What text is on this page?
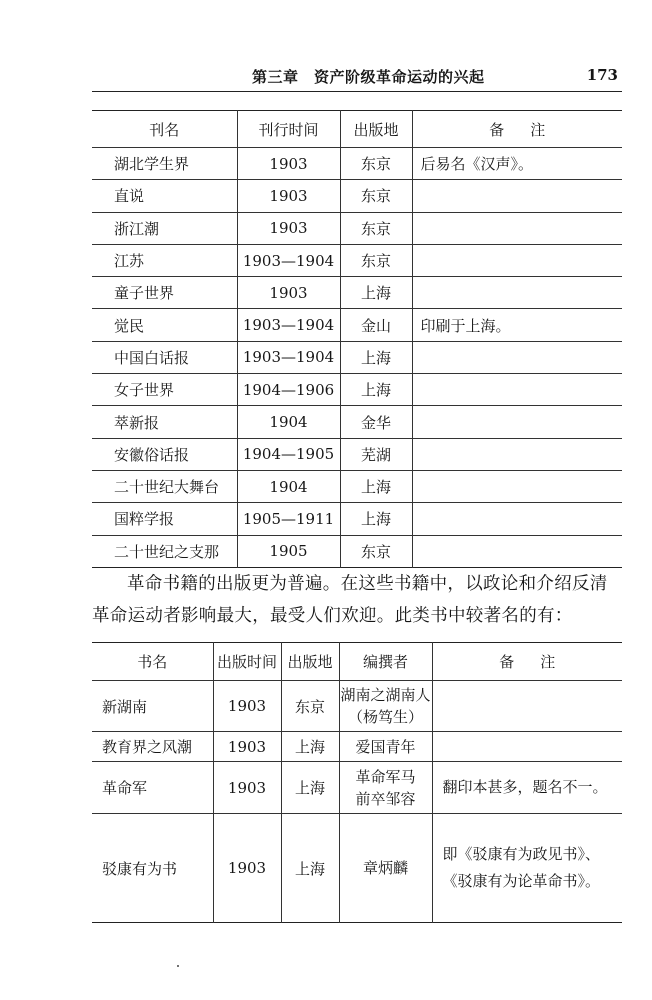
第三章　资产阶级革命运动的兴起	173
刊名	刊行时间	出版地	备注
湖北学生界	1903	东京	后易名《汉声》。
直说	1903	东京	
浙江潮	1903	东京	
江苏	1903—1904	东京	
童子世界	1903	上海	
觉民	1903—1904	金山	印刷于上海。
中国白话报	1903—1904	上海	
女子世界	1904—1906	上海	
萃新报	1904	金华	
安徽俗话报	1904—1905	芜湖	
二十世纪大舞台	1904	上海	
国粹学报	1905—1911	上海	
二十世纪之支那	1905	东京	
革命书籍的出版更为普遍。在这些书籍中，以政论和介绍反清革命运动者影响最大，最受人们欢迎。此类书中较著名的有：
书名	出版时间	出版地	编撰者	备注
新湖南	1903	东京	湖南之湖南人
（杨笃生）	

教育界之风潮	1903	上海	爱国青年	

革命军	1903	上海	革命军马
前卒邹容	翻印本甚多，题名不一。
驳康有为书	1903	上海	章炳麟	即《驳康有为政见书》、《驳康有为论革命书》。
